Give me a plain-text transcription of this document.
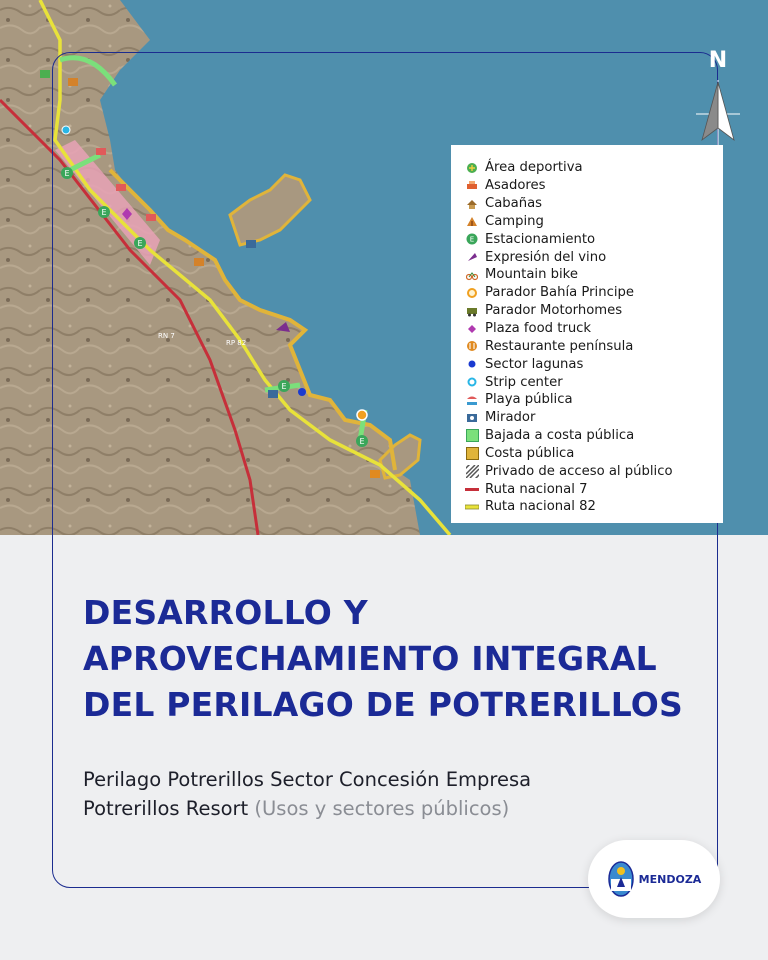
E
E
E
E
E
RN 7
RP 82
N
Área deportiva
Asadores
Cabañas
Camping
E Estacionamiento
Expresión del vino
Mountain bike
Parador Bahía Principe
Parador Motorhomes
Plaza food truck
Restaurante península
Sector lagunas
Strip center
Playa pública
Mirador
Bajada a costa pública
Costa pública
Privado de acceso al público
Ruta nacional 7
Ruta nacional 82
DESARROLLO Y
APROVECHAMIENTO INTEGRAL
DEL PERILAGO DE POTRERILLOS
Perilago Potrerillos Sector Concesión Empresa
Potrerillos Resort (Usos y sectores públicos)
MENDOZA
